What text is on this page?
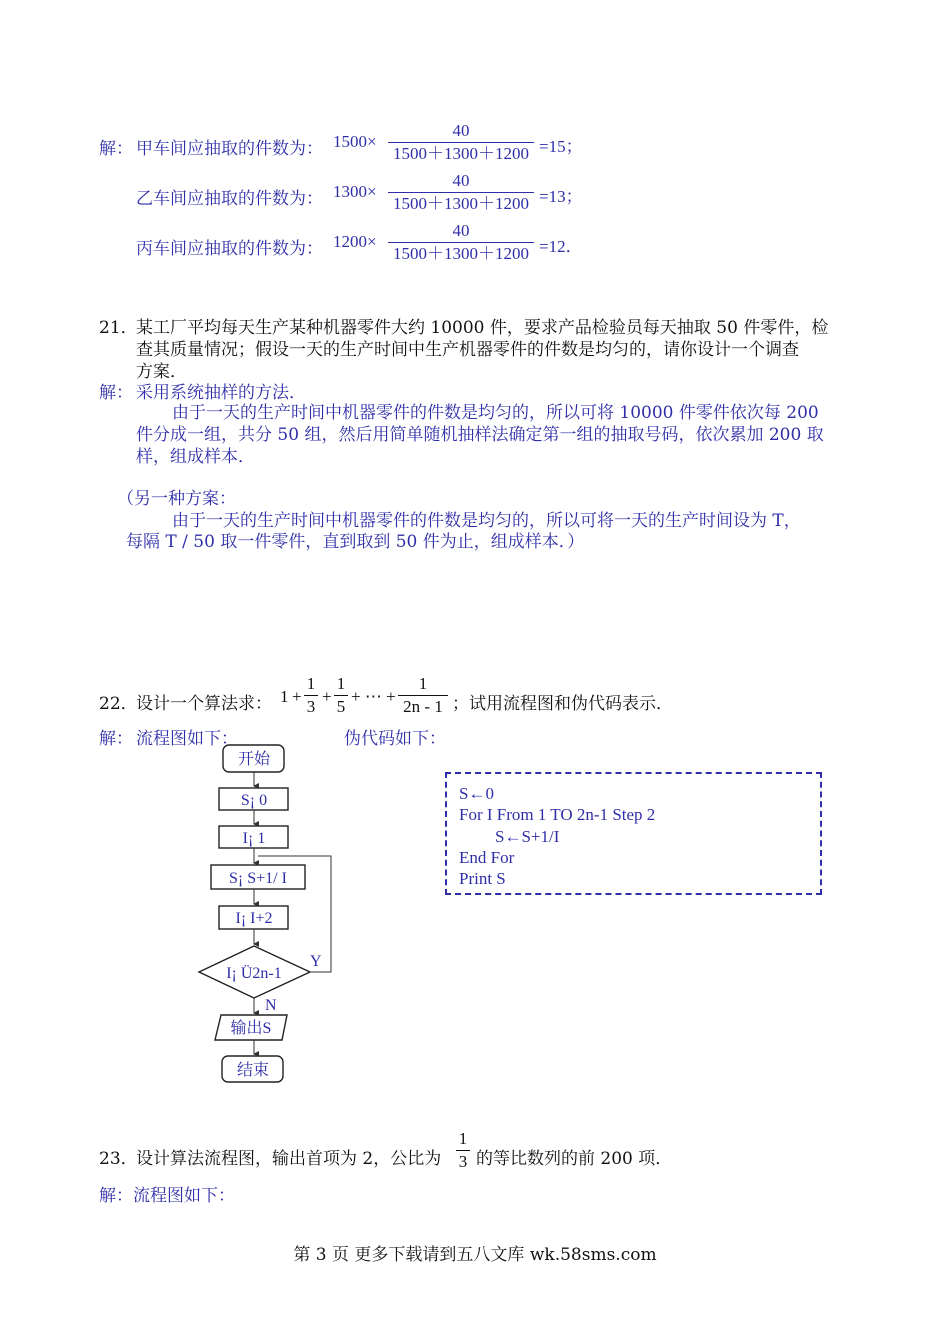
解： 甲车间应抽取的件数为： 1500×
40
1500＋1300＋1200 =15；
乙车间应抽取的件数为： 1300×
40
1500＋1300＋1200 =13；
丙车间应抽取的件数为： 1200×
40
1500＋1300＋1200 =12．
21．
某工厂平均每天生产某种机器零件大约 10000 件，要求产品检验员每天抽取 50 件零件，检
查其质量情况；假设一天的生产时间中生产机器零件的件数是均匀的，请你设计一个调查
方案．
解： 采用系统抽样的方法．
由于一天的生产时间中机器零件的件数是均匀的，所以可将 10000 件零件依次每 200
件分成一组，共分 50 组，然后用简单随机抽样法确定第一组的抽取号码，依次累加 200 取
样，组成样本．
（另一种方案：
由于一天的生产时间中机器零件的件数是均匀的，所以可将一天的生产时间设为 T，
每隔 T / 50 取一件零件，直到取到 50 件为止，组成样本．）
22．
设计一个算法求： 1 +
1
3
+
1
5
+ ⋯ +
1
2n - 1 ；试用流程图和伪代码表示．
解： 流程图如下：	伪代码如下：
开始
S¡ 0
I¡ 1
S¡ S+1/ I
I¡ I+2
I¡ Ü2n-1
输出S
结束
Y
N
S←0
For I From 1 TO 2n-1 Step 2
S←S+1/I
End For
Print S
23．
设计算法流程图，输出首项为 2，公比为
1
3 的等比数列的前 200 项．
解：流程图如下：
第 3 页 更多下载请到五八文库 wk.58sms.com
